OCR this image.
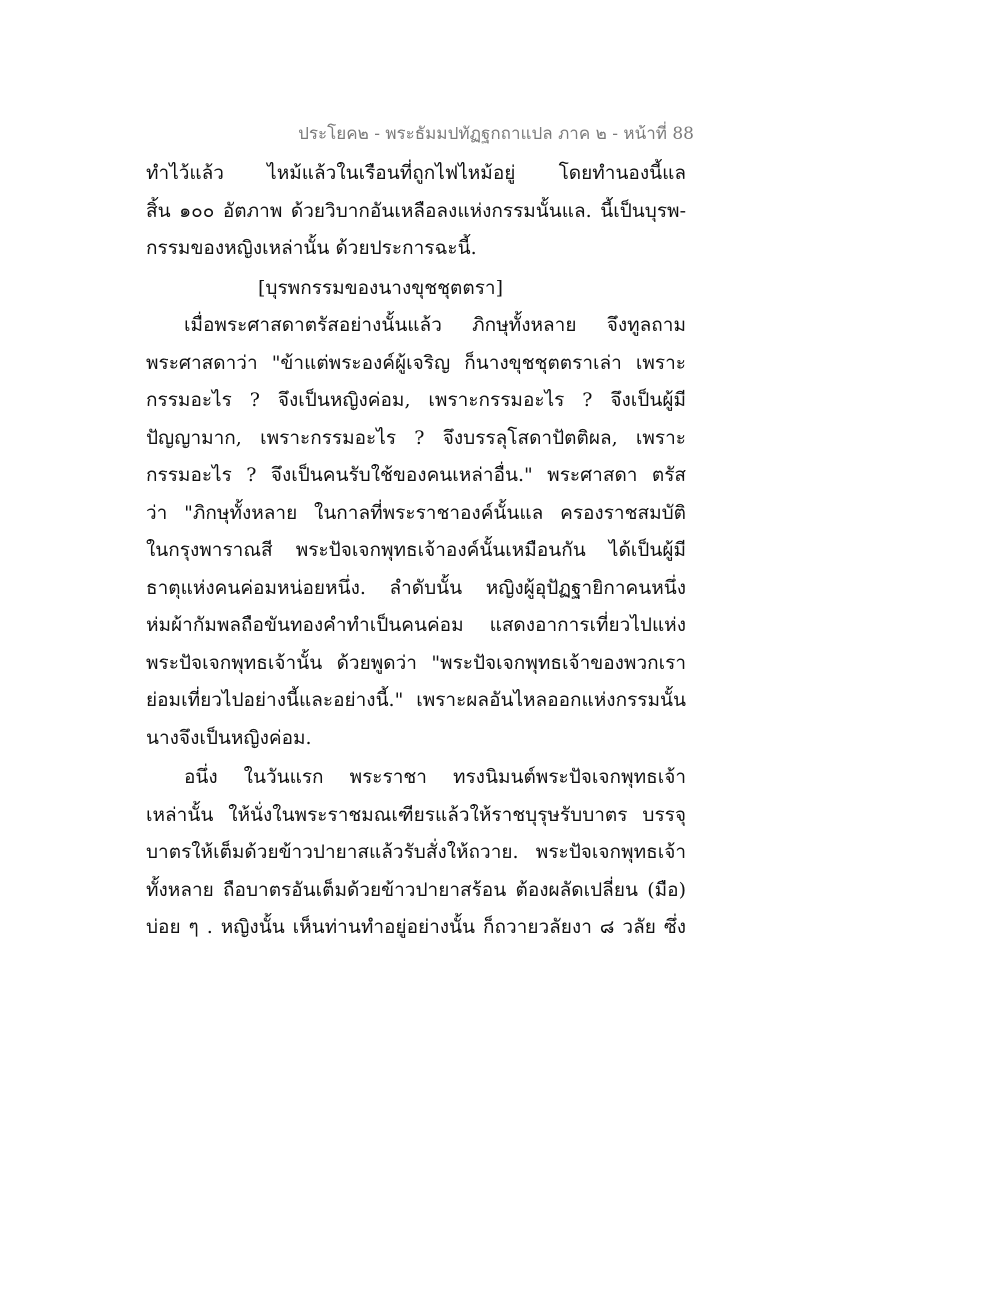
ประโยค๒ - พระธัมมปทัฏฐกถาแปล ภาค ๒ - หน้าที่ 88
ทำไว้แล้ว ไหม้แล้วในเรือนที่ถูกไฟไหม้อยู่ โดยทำนองนี้แล
สิ้น ๑๐๐ อัตภาพ ด้วยวิบากอันเหลือลงแห่งกรรมนั้นแล. นี้เป็นบุรพ-
กรรมของหญิงเหล่านั้น ด้วยประการฉะนี้.
[บุรพกรรมของนางขุชชุตตรา]
เมื่อพระศาสดาตรัสอย่างนั้นแล้ว ภิกษุทั้งหลาย จึงทูลถาม
พระศาสดาว่า "ข้าแต่พระองค์ผู้เจริญ ก็นางขุชชุตตราเล่า เพราะ
กรรมอะไร ? จึงเป็นหญิงค่อม, เพราะกรรมอะไร ? จึงเป็นผู้มี
ปัญญามาก, เพราะกรรมอะไร ? จึงบรรลุโสดาปัตติผล, เพราะ
กรรมอะไร ? จึงเป็นคนรับใช้ของคนเหล่าอื่น." พระศาสดา ตรัส
ว่า "ภิกษุทั้งหลาย ในกาลที่พระราชาองค์นั้นแล ครองราชสมบัติ
ในกรุงพาราณสี พระปัจเจกพุทธเจ้าองค์นั้นเหมือนกัน ได้เป็นผู้มี
ธาตุแห่งคนค่อมหน่อยหนึ่ง. ลำดับนั้น หญิงผู้อุปัฏฐายิกาคนหนึ่ง
ห่มผ้ากัมพลถือขันทองคำทำเป็นคนค่อม แสดงอาการเที่ยวไปแห่ง
พระปัจเจกพุทธเจ้านั้น ด้วยพูดว่า "พระปัจเจกพุทธเจ้าของพวกเรา
ย่อมเที่ยวไปอย่างนี้และอย่างนี้." เพราะผลอันไหลออกแห่งกรรมนั้น
นางจึงเป็นหญิงค่อม.
อนึ่ง ในวันแรก พระราชา ทรงนิมนต์พระปัจเจกพุทธเจ้า
เหล่านั้น ให้นั่งในพระราชมณเฑียรแล้วให้ราชบุรุษรับบาตร บรรจุ
บาตรให้เต็มด้วยข้าวปายาสแล้วรับสั่งให้ถวาย. พระปัจเจกพุทธเจ้า
ทั้งหลาย ถือบาตรอันเต็มด้วยข้าวปายาสร้อน ต้องผลัดเปลี่ยน (มือ)
บ่อย ๆ . หญิงนั้น เห็นท่านทำอยู่อย่างนั้น ก็ถวายวลัยงา ๘ วลัย ซึ่ง
